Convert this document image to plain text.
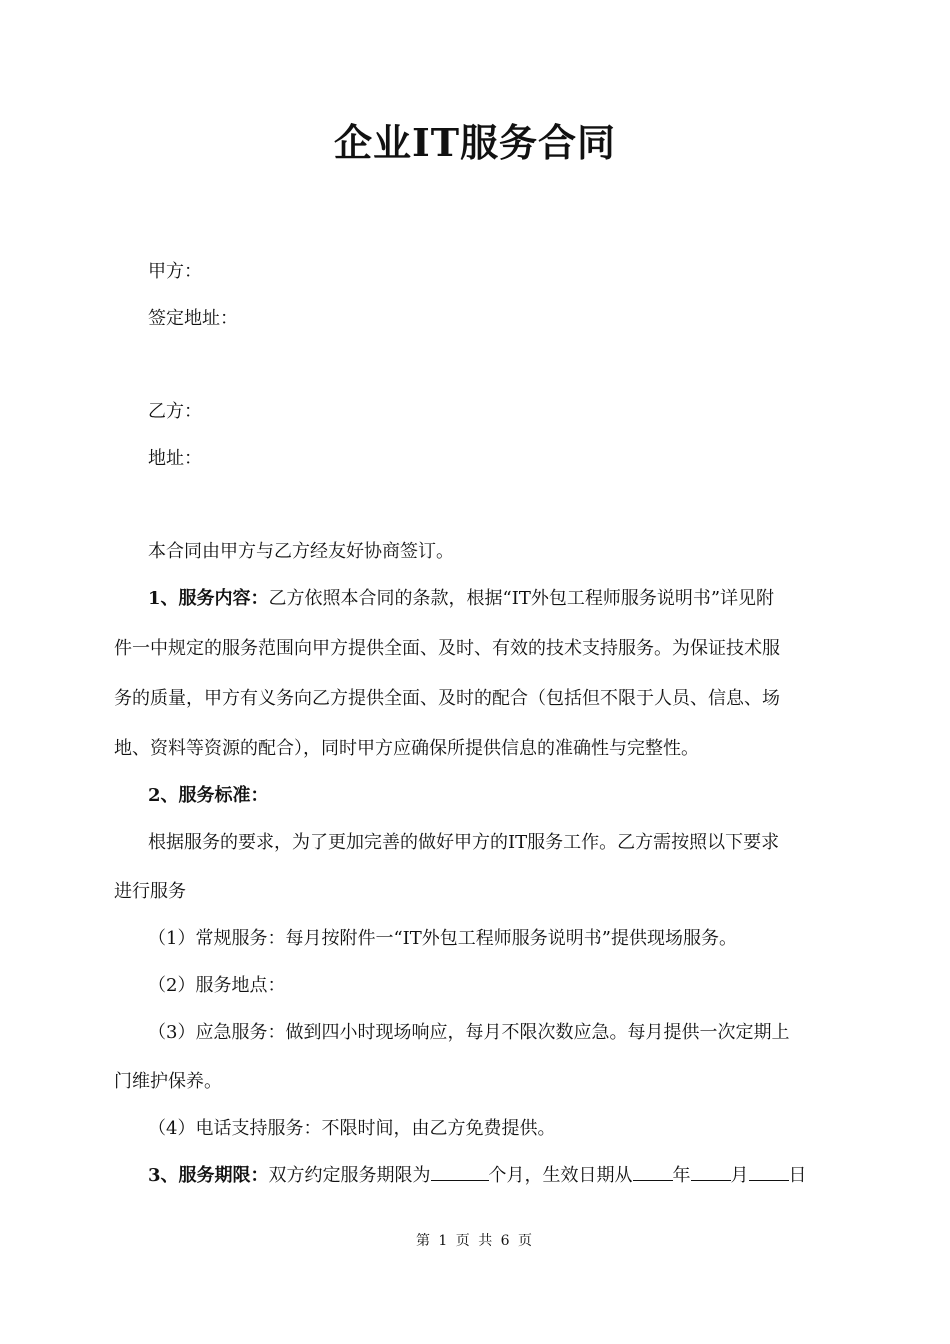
企业IT服务合同
甲方：
签定地址：
乙方：
地址：
本合同由甲方与乙方经友好协商签订。
1、服务内容：乙方依照本合同的条款，根据“IT外包工程师服务说明书”详见附
件一中规定的服务范围向甲方提供全面、及时、有效的技术支持服务。为保证技术服
务的质量，甲方有义务向乙方提供全面、及时的配合（包括但不限于人员、信息、场
地、资料等资源的配合），同时甲方应确保所提供信息的准确性与完整性。
2、服务标准：
根据服务的要求，为了更加完善的做好甲方的IT服务工作。乙方需按照以下要求
进行服务
（1）常规服务：每月按附件一“IT外包工程师服务说明书”提供现场服务。
（2）服务地点：
（3）应急服务：做到四小时现场响应，每月不限次数应急。每月提供一次定期上
门维护保养。
（4）电话支持服务：不限时间，由乙方免费提供。
3、服务期限：双方约定服务期限为	个月，生效日期从 年 月 日
第 1 页 共 6 页
